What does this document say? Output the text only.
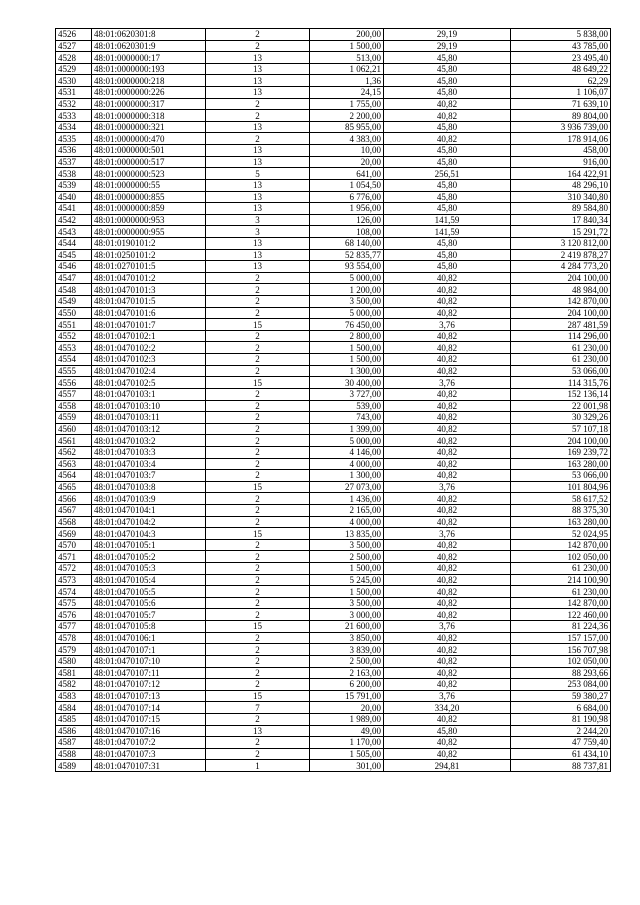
4526	48:01:0620301:8	2	200,00	29,19	5 838,00
4527	48:01:0620301:9	2	1 500,00	29,19	43 785,00
4528	48:01:0000000:17	13	513,00	45,80	23 495,40
4529	48:01:0000000:193	13	1 062,21	45,80	48 649,22
4530	48:01:0000000:218	13	1,36	45,80	62,29
4531	48:01:0000000:226	13	24,15	45,80	1 106,07
4532	48:01:0000000:317	2	1 755,00	40,82	71 639,10
4533	48:01:0000000:318	2	2 200,00	40,82	89 804,00
4534	48:01:0000000:321	13	85 955,00	45,80	3 936 739,00
4535	48:01:0000000:470	2	4 383,00	40,82	178 914,06
4536	48:01:0000000:501	13	10,00	45,80	458,00
4537	48:01:0000000:517	13	20,00	45,80	916,00
4538	48:01:0000000:523	5	641,00	256,51	164 422,91
4539	48:01:0000000:55	13	1 054,50	45,80	48 296,10
4540	48:01:0000000:855	13	6 776,00	45,80	310 340,80
4541	48:01:0000000:859	13	1 956,00	45,80	89 584,80
4542	48:01:0000000:953	3	126,00	141,59	17 840,34
4543	48:01:0000000:955	3	108,00	141,59	15 291,72
4544	48:01:0190101:2	13	68 140,00	45,80	3 120 812,00
4545	48:01:0250101:2	13	52 835,77	45,80	2 419 878,27
4546	48:01:0270101:5	13	93 554,00	45,80	4 284 773,20
4547	48:01:0470101:2	2	5 000,00	40,82	204 100,00
4548	48:01:0470101:3	2	1 200,00	40,82	48 984,00
4549	48:01:0470101:5	2	3 500,00	40,82	142 870,00
4550	48:01:0470101:6	2	5 000,00	40,82	204 100,00
4551	48:01:0470101:7	15	76 450,00	3,76	287 481,59
4552	48:01:0470102:1	2	2 800,00	40,82	114 296,00
4553	48:01:0470102:2	2	1 500,00	40,82	61 230,00
4554	48:01:0470102:3	2	1 500,00	40,82	61 230,00
4555	48:01:0470102:4	2	1 300,00	40,82	53 066,00
4556	48:01:0470102:5	15	30 400,00	3,76	114 315,76
4557	48:01:0470103:1	2	3 727,00	40,82	152 136,14
4558	48:01:0470103:10	2	539,00	40,82	22 001,98
4559	48:01:0470103:11	2	743,00	40,82	30 329,26
4560	48:01:0470103:12	2	1 399,00	40,82	57 107,18
4561	48:01:0470103:2	2	5 000,00	40,82	204 100,00
4562	48:01:0470103:3	2	4 146,00	40,82	169 239,72
4563	48:01:0470103:4	2	4 000,00	40,82	163 280,00
4564	48:01:0470103:7	2	1 300,00	40,82	53 066,00
4565	48:01:0470103:8	15	27 073,00	3,76	101 804,96
4566	48:01:0470103:9	2	1 436,00	40,82	58 617,52
4567	48:01:0470104:1	2	2 165,00	40,82	88 375,30
4568	48:01:0470104:2	2	4 000,00	40,82	163 280,00
4569	48:01:0470104:3	15	13 835,00	3,76	52 024,95
4570	48:01:0470105:1	2	3 500,00	40,82	142 870,00
4571	48:01:0470105:2	2	2 500,00	40,82	102 050,00
4572	48:01:0470105:3	2	1 500,00	40,82	61 230,00
4573	48:01:0470105:4	2	5 245,00	40,82	214 100,90
4574	48:01:0470105:5	2	1 500,00	40,82	61 230,00
4575	48:01:0470105:6	2	3 500,00	40,82	142 870,00
4576	48:01:0470105:7	2	3 000,00	40,82	122 460,00
4577	48:01:0470105:8	15	21 600,00	3,76	81 224,36
4578	48:01:0470106:1	2	3 850,00	40,82	157 157,00
4579	48:01:0470107:1	2	3 839,00	40,82	156 707,98
4580	48:01:0470107:10	2	2 500,00	40,82	102 050,00
4581	48:01:0470107:11	2	2 163,00	40,82	88 293,66
4582	48:01:0470107:12	2	6 200,00	40,82	253 084,00
4583	48:01:0470107:13	15	15 791,00	3,76	59 380,27
4584	48:01:0470107:14	7	20,00	334,20	6 684,00
4585	48:01:0470107:15	2	1 989,00	40,82	81 190,98
4586	48:01:0470107:16	13	49,00	45,80	2 244,20
4587	48:01:0470107:2	2	1 170,00	40,82	47 759,40
4588	48:01:0470107:3	2	1 505,00	40,82	61 434,10
4589	48:01:0470107:31	1	301,00	294,81	88 737,81
